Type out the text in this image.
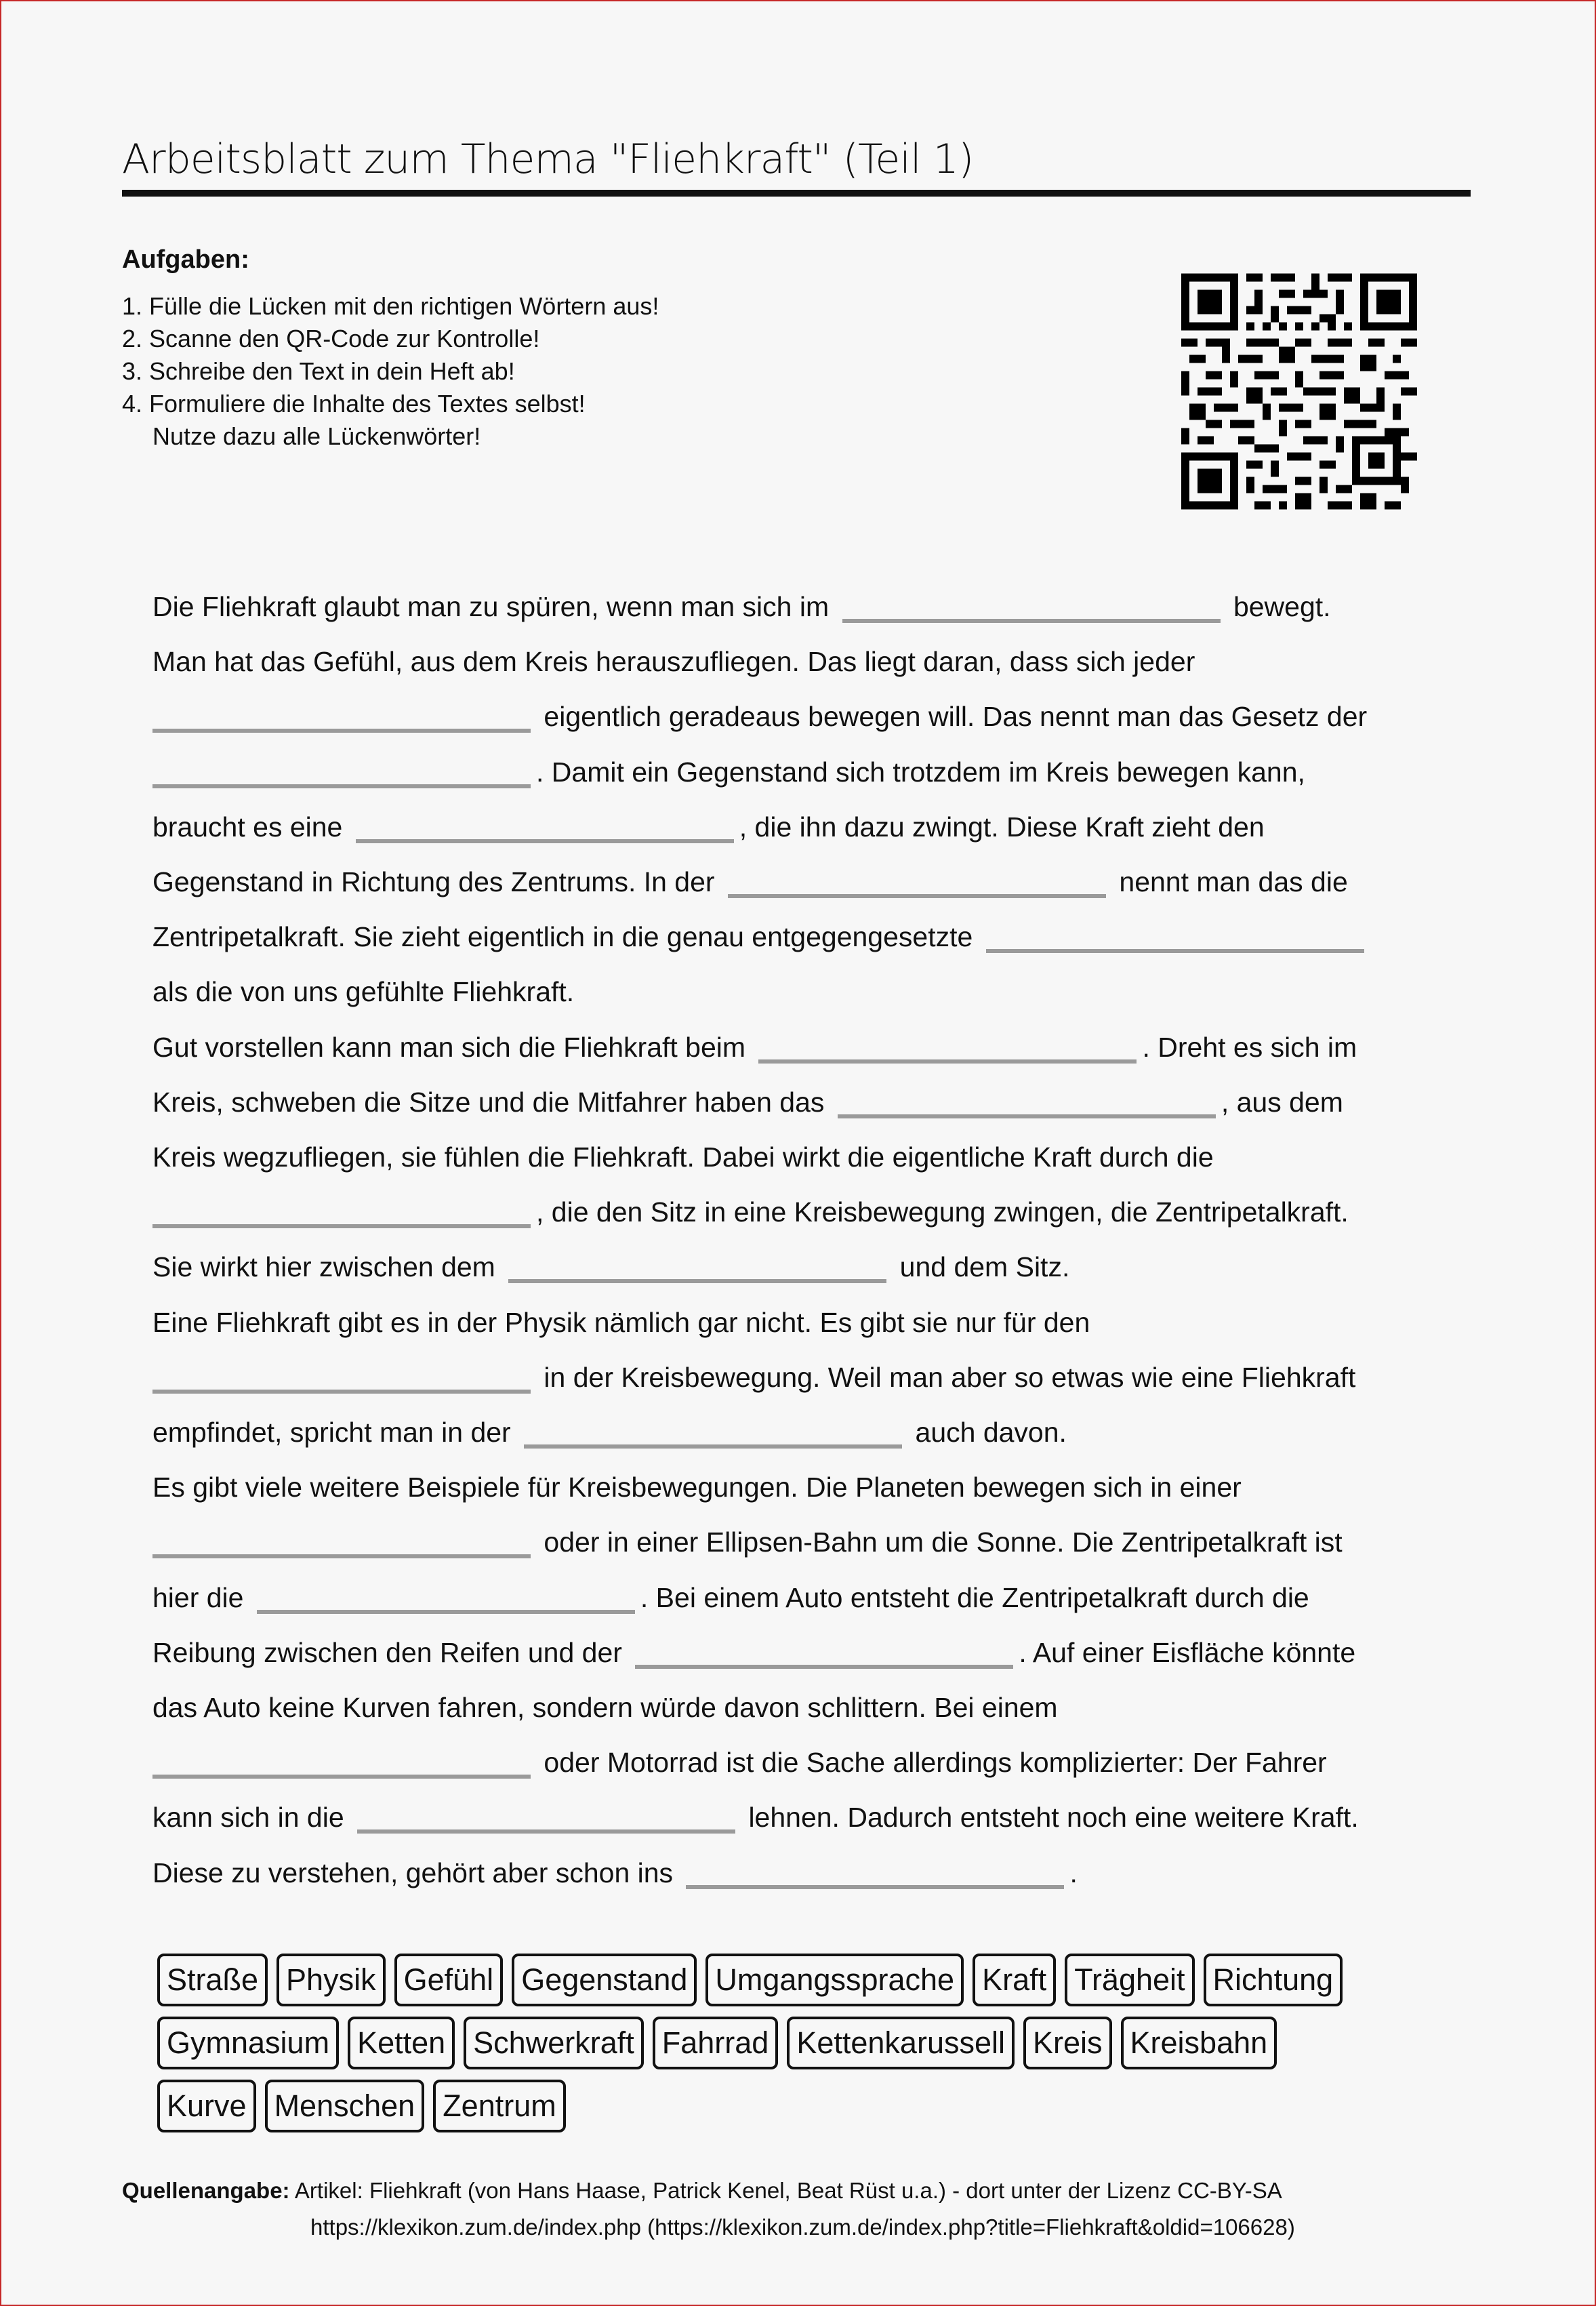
Arbeitsblatt zum Thema "Fliehkraft" (Teil 1)
Aufgaben:
1. Fülle die Lücken mit den richtigen Wörtern aus!
2. Scanne den QR-Code zur Kontrolle!
3. Schreibe den Text in dein Heft ab!
4. Formuliere die Inhalte des Textes selbst!
Nutze dazu alle Lückenwörter!
Die Fliehkraft glaubt man zu spüren, wenn man sich im	bewegt.
Man hat das Gefühl, aus dem Kreis herauszufliegen. Das liegt daran, dass sich jeder
eigentlich geradeaus bewegen will. Das nennt man das Gesetz der
. Damit ein Gegenstand sich trotzdem im Kreis bewegen kann,
braucht es eine	, die ihn dazu zwingt. Diese Kraft zieht den
Gegenstand in Richtung des Zentrums. In der	nennt man das die
Zentripetalkraft. Sie zieht eigentlich in die genau entgegengesetzte
als die von uns gefühlte Fliehkraft.
Gut vorstellen kann man sich die Fliehkraft beim	. Dreht es sich im
Kreis, schweben die Sitze und die Mitfahrer haben das	, aus dem
Kreis wegzufliegen, sie fühlen die Fliehkraft. Dabei wirkt die eigentliche Kraft durch die
, die den Sitz in eine Kreisbewegung zwingen, die Zentripetalkraft.
Sie wirkt hier zwischen dem	und dem Sitz.
Eine Fliehkraft gibt es in der Physik nämlich gar nicht. Es gibt sie nur für den
in der Kreisbewegung. Weil man aber so etwas wie eine Fliehkraft
empfindet, spricht man in der	auch davon.
Es gibt viele weitere Beispiele für Kreisbewegungen. Die Planeten bewegen sich in einer
oder in einer Ellipsen-Bahn um die Sonne. Die Zentripetalkraft ist
hier die	. Bei einem Auto entsteht die Zentripetalkraft durch die
Reibung zwischen den Reifen und der	. Auf einer Eisfläche könnte
das Auto keine Kurven fahren, sondern würde davon schlittern. Bei einem
oder Motorrad ist die Sache allerdings komplizierter: Der Fahrer
kann sich in die	lehnen. Dadurch entsteht noch eine weitere Kraft.
Diese zu verstehen, gehört aber schon ins	.
Straße Physik Gefühl Gegenstand Umgangssprache Kraft Trägheit Richtung
Gymnasium Ketten Schwerkraft Fahrrad Kettenkarussell Kreis Kreisbahn
Kurve Menschen Zentrum
Quellenangabe: Artikel: Fliehkraft (von Hans Haase, Patrick Kenel, Beat Rüst u.a.) - dort unter der Lizenz CC-BY-SA
https://klexikon.zum.de/index.php (https://klexikon.zum.de/index.php?title=Fliehkraft&oldid=106628)
